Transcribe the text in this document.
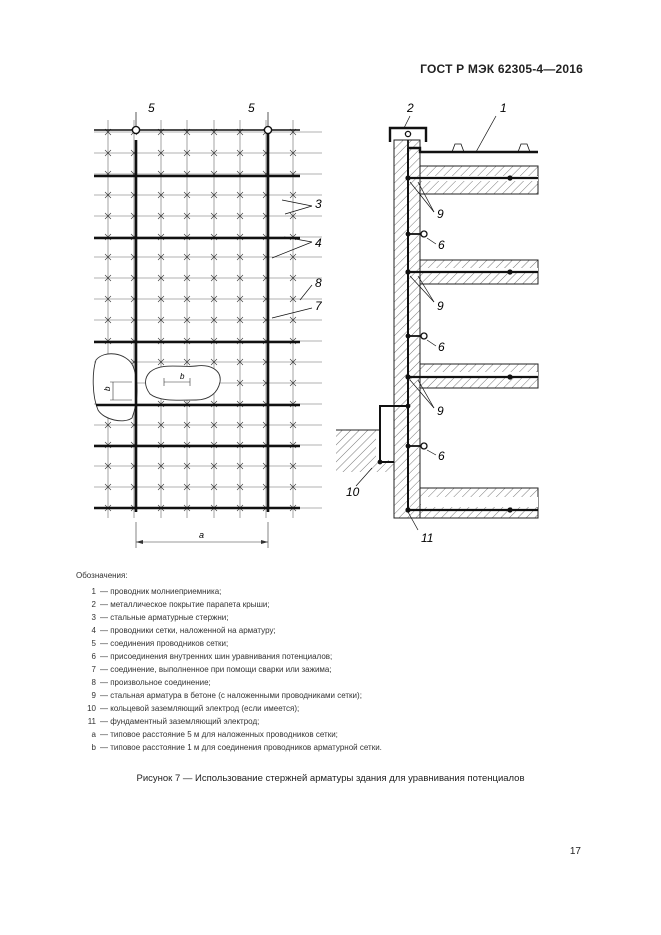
ГОСТ Р МЭК 62305-4—2016
b
b
5	5
3
4
8
7
a
2	1
9
6
9
6
9
6
10
11
Обозначения:
1 — проводник молниеприемника;
2 — металлическое покрытие парапета крыши;
3 — стальные арматурные стержни;
4 — проводники сетки, наложенной на арматуру;
5 — соединения проводников сетки;
6 — присоединения внутренних шин уравнивания потенциалов;
7 — соединение, выполненное при помощи сварки или зажима;
8 — произвольное соединение;
9 — стальная арматура в бетоне (с наложенными проводниками сетки);
10 — кольцевой заземляющий электрод (если имеется);
11 — фундаментный заземляющий электрод;
a — типовое расстояние 5 м для наложенных проводников сетки;
b — типовое расстояние 1 м для соединения проводников арматурной сетки.
Рисунок 7 — Использование стержней арматуры здания для уравнивания потенциалов
17
